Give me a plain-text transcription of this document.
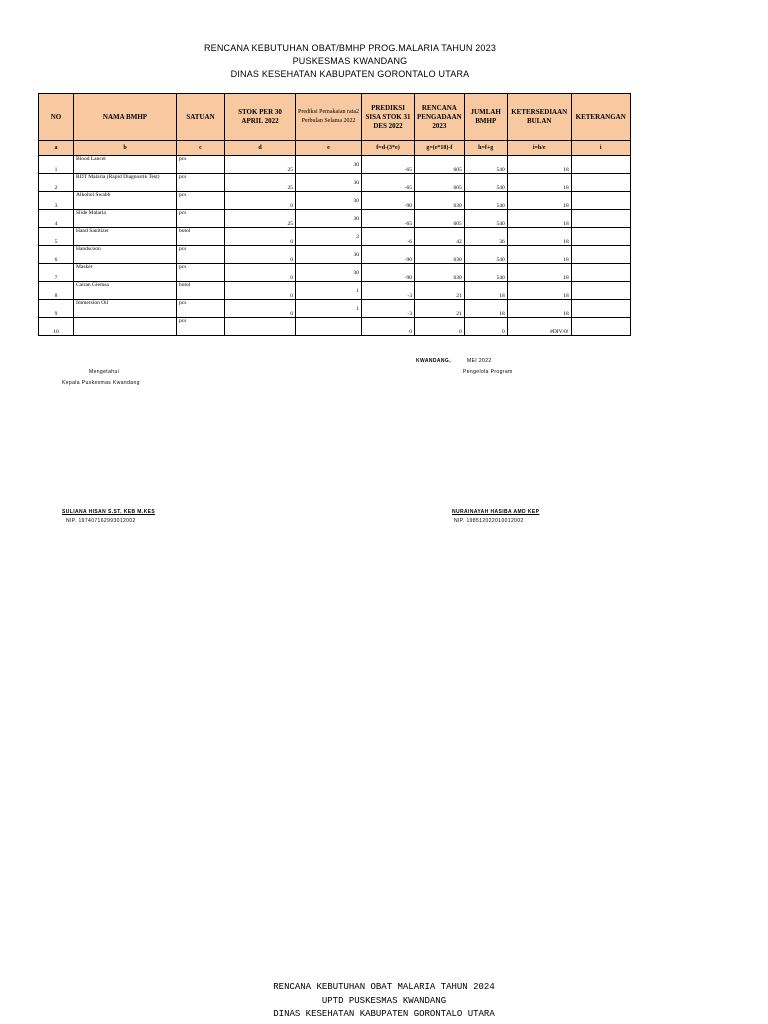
RENCANA KEBUTUHAN OBAT/BMHP PROG.MALARIA TAHUN 2023
PUSKESMAS KWANDANG
DINAS KESEHATAN KABUPATEN GORONTALO UTARA
NO	NAMA BMHP	SATUAN	STOK PER 30 APRIL 2022	Prediksi Pemakaian rata2 Perbulan Selama 2022	PREDIKSI SISA STOK 31 DES 2022	RENCANA PENGADAAN 2023	JUMLAH BMHP	KETERSEDIAAN BULAN	KETERANGAN
a	b	c	d	e	f=d-(3*e)	g=(e*18)-f	h=f+g	i=h/e	i
1	Blood Lancet	pcs	25	30	-65	605	540	18	
2	RDT Malaria (Rapid Diagnostik Test)	pcs	25	30	-65	605	540	18	
3	Alkohol Swabb	pcs	0	30	-90	630	540	18	
4	Slide Malaria	pcs	25	30	-65	605	540	18	
5	Hand Sanitizer	botol	0	2	-6	42	36	18	
6	Handscoon	pcs	0	30	-90	630	540	18	
7	Masker	pcs	0	30	-90	630	540	18	
8	Cairan Giemsa	botol	0	1	-3	21	18	18	
9	Immersion Oil	pcs	0	1	-3	21	18	18	
10		pcs			0	0	0	#DIV/0!	
KWANDANG,	MEI 2022
Pengelola Program
Mengetahui
Kepala Puskesmas Kwandang
SULIANA HISAN S.ST. KEB M.KES
NIP. 197407162993012002
NURAINAYAH HASIBA AMD KEP
NIP. 198512022010012002
RENCANA KEBUTUHAN OBAT MALARIA TAHUN 2024
UPTD PUSKESMAS KWANDANG
DINAS KESEHATAN KABUPATEN GORONTALO UTARA
